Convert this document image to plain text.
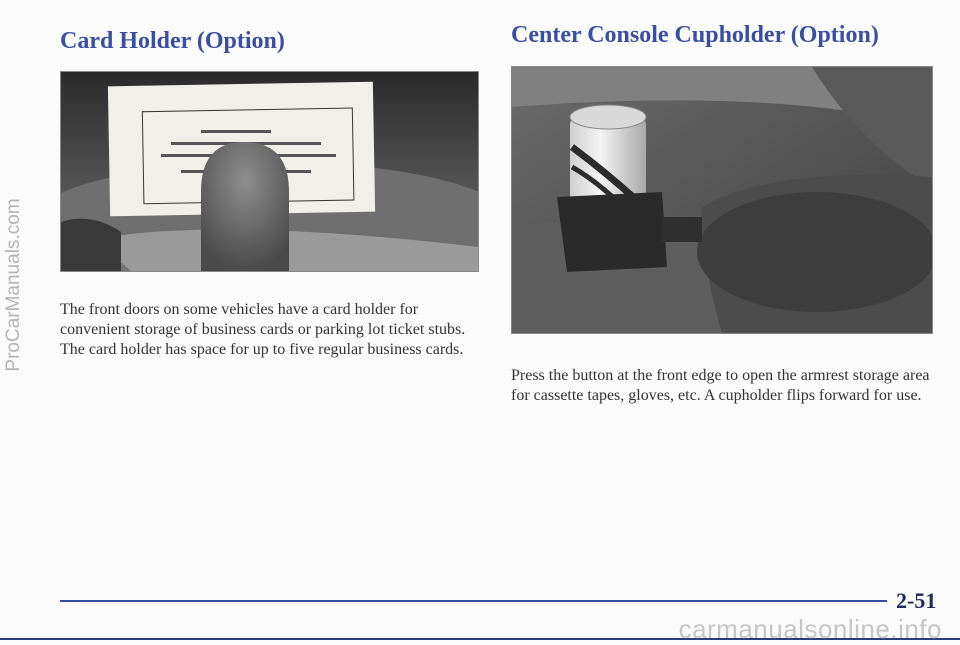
ProCarManuals.com
Card Holder (Option)	Center Console Cupholder (Option)

The front doors on some vehicles have a card holder for convenient storage of business cards or parking lot ticket stubs. The card holder has space for up to five regular business cards.

Press the button at the front edge to open the armrest storage area for cassette tapes, gloves, etc. A cupholder flips forward for use.

2-51
carmanualsonline.info
